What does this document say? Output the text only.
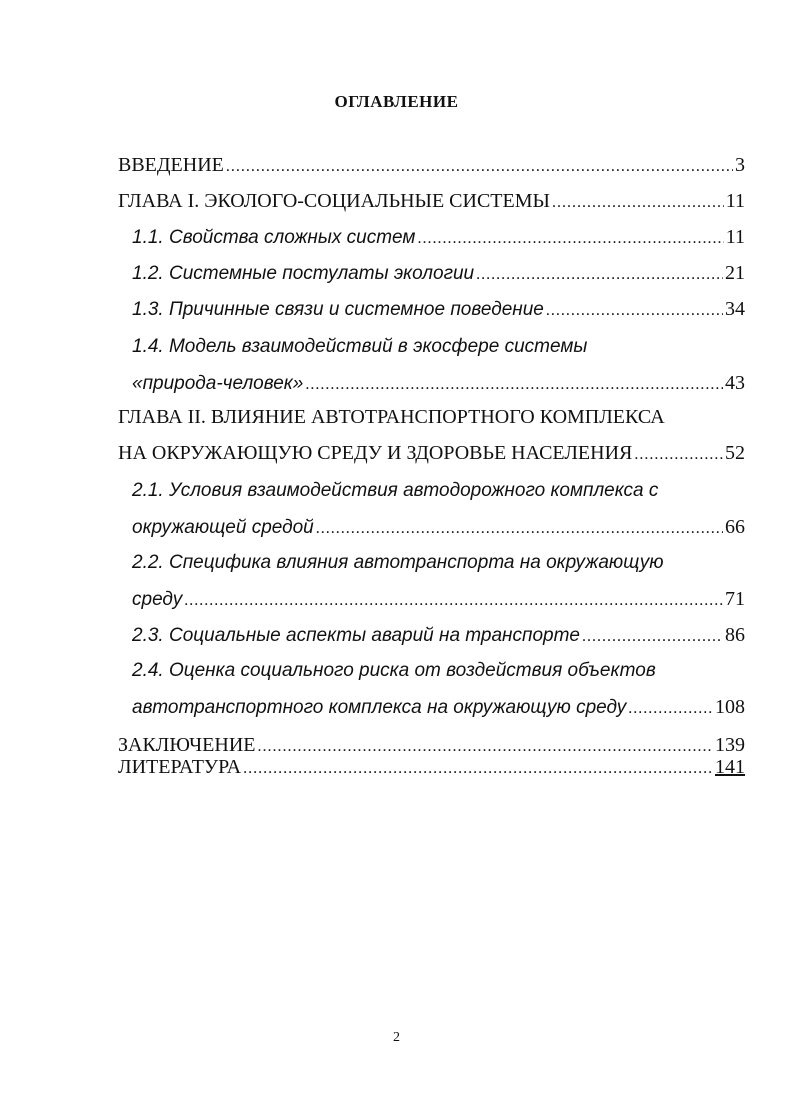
ОГЛАВЛЕНИЕ
ВВЕДЕНИЕ .....	3
ГЛАВА I. ЭКОЛОГО-СОЦИАЛЬНЫЕ СИСТЕМЫ .....	11
1.1. Свойства сложных систем .....	11
1.2. Системные постулаты экологии .....	21
1.3. Причинные связи и системное поведение .....	34
1.4. Модель взаимодействий в экосфере системы
«природа-человек» .....	43
ГЛАВА II. ВЛИЯНИЕ АВТОТРАНСПОРТНОГО КОМПЛЕКСА
НА ОКРУЖАЮЩУЮ СРЕДУ И ЗДОРОВЬЕ НАСЕЛЕНИЯ .....	52
2.1. Условия взаимодействия автодорожного комплекса с
окружающей средой .....	66
2.2. Специфика влияния автотранспорта на окружающую
среду .....	71
2.3. Социальные аспекты аварий на транспорте .....	86
2.4. Оценка социального риска от воздействия объектов
автотранспортного комплекса на окружающую среду .....	108
ЗАКЛЮЧЕНИЕ .....	139
ЛИТЕРАТУРА .....	141
2
